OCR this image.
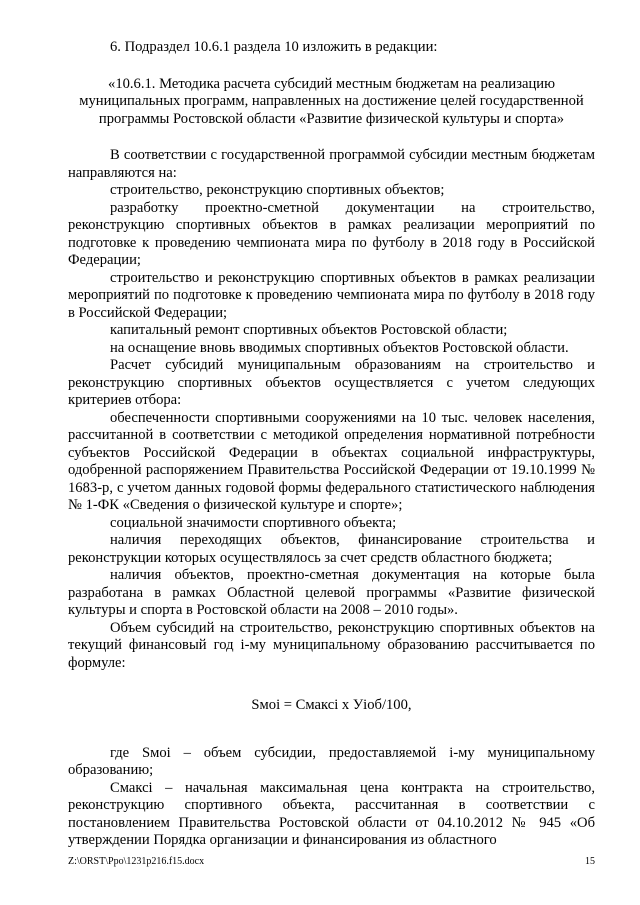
6. Подраздел 10.6.1 раздела 10 изложить в редакции:

«10.6.1. Методика расчета субсидий местным бюджетам на реализацию муниципальных программ, направленных на достижение целей государственной программы Ростовской области «Развитие физической культуры и спорта»

В соответствии с государственной программой субсидии местным бюджетам направляются на:

строительство, реконструкцию спортивных объектов;

разработку проектно-сметной документации на строительство, реконструкцию спортивных объектов в рамках реализации мероприятий по подготовке к проведению чемпионата мира по футболу в 2018 году в Российской Федерации;

строительство и реконструкцию спортивных объектов в рамках реализации мероприятий по подготовке к проведению чемпионата мира по футболу в 2018 году в Российской Федерации;

капитальный ремонт спортивных объектов Ростовской области;

на оснащение вновь вводимых спортивных объектов Ростовской области.

Расчет субсидий муниципальным образованиям на строительство и реконструкцию спортивных объектов осуществляется с учетом следующих критериев отбора:

обеспеченности спортивными сооружениями на 10 тыс. человек населения, рассчитанной в соответствии с методикой определения нормативной потребности субъектов Российской Федерации в объектах социальной инфраструктуры, одобренной распоряжением Правительства Российской Федерации от 19.10.1999 № 1683-р, с учетом данных годовой формы федерального статистического наблюдения № 1-ФК «Сведения о физической культуре и спорте»;

социальной значимости спортивного объекта;

наличия переходящих объектов, финансирование строительства и реконструкции которых осуществлялось за счет средств областного бюджета;

наличия объектов, проектно-сметная документация на которые была разработана в рамках Областной целевой программы «Развитие физической культуры и спорта в Ростовской области на 2008 – 2010 годы».

Объем субсидий на строительство, реконструкцию спортивных объектов на текущий финансовый год i-му муниципальному образованию рассчитывается по формуле:

Sмоi = Смаксi x Уioб/100,

где Sмоi – объем субсидии, предоставляемой i-му муниципальному образованию;

Смаксi – начальная максимальная цена контракта на строительство, реконструкцию спортивного объекта, рассчитанная в соответствии с постановлением Правительства Ростовской области от 04.10.2012 № 945 «Об утверждении Порядка организации и финансирования из областного

Z:\ORST\Ppo\1231p216.f15.docx	15
